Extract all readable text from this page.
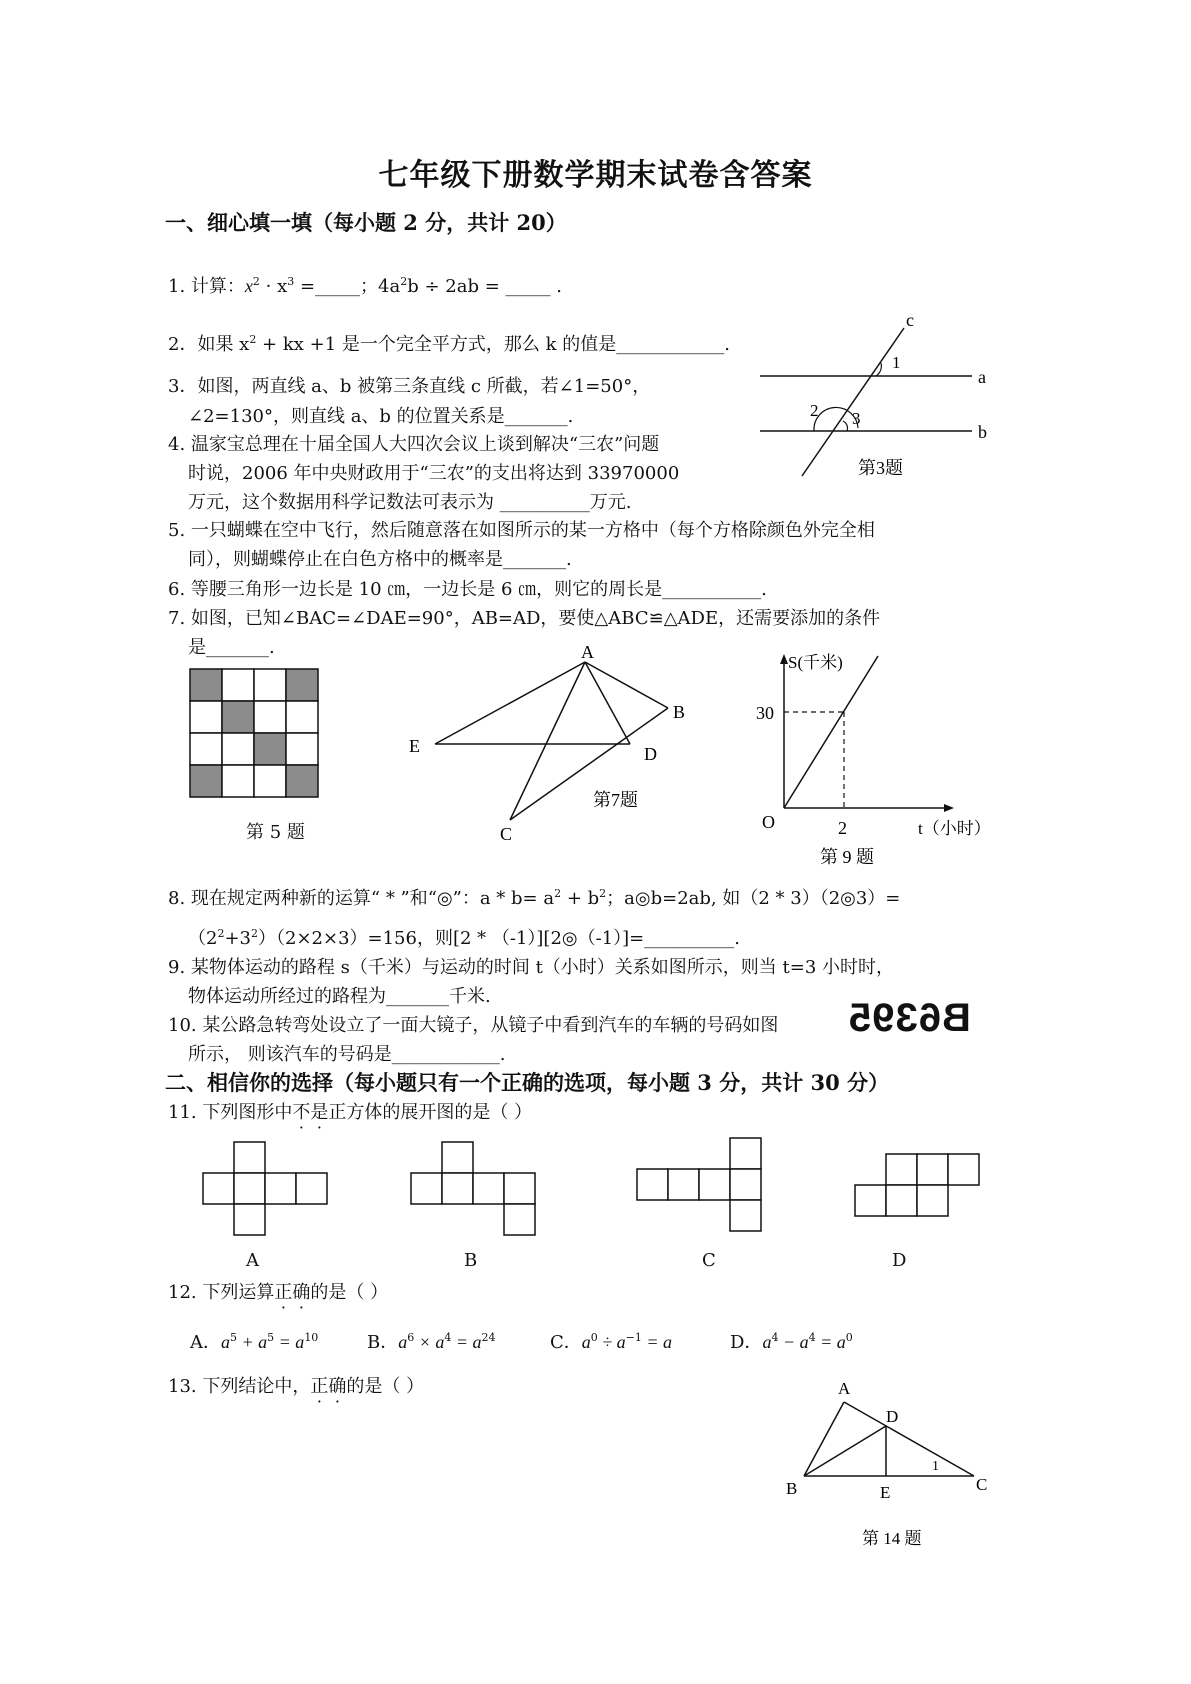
七年级下册数学期末试卷含答案
一、细心填一填（每小题 2 分，共计 20）
1. 计算：$x^2 \cdot x^3$ =_____；$4a^2b \div 2ab$ = _____ .
2．如果 $x^2$ + kx +1 是一个完全平方式，那么 k 的值是____________.
3．如图，两直线 a、b 被第三条直线 c 所截，若∠1=50°，
∠2=130°，则直线 a、b 的位置关系是_______.
4. 温家宝总理在十届全国人大四次会议上谈到解决“三农”问题
时说，2006 年中央财政用于“三农”的支出将达到 33970000
万元，这个数据用科学记数法可表示为 __________万元.
5. 一只蝴蝶在空中飞行，然后随意落在如图所示的某一方格中（每个方格除颜色外完全相
同），则蝴蝶停止在白色方格中的概率是_______.
6. 等腰三角形一边长是 10 ㎝，一边长是 6 ㎝，则它的周长是___________.
7. 如图，已知∠BAC=∠DAE=90°，AB=AD，要使△ABC≌△ADE，还需要添加的条件
是_______.
c
1
a
2 3
b
第3题
第 5 题
A
B
E	D
C
第7题
S(千米)
30
O	2	t（小时）
第 9 题
8. 现在规定两种新的运算“ * ”和“◎”：$a * b= a^2 + b^2$；a◎b=2ab, 如（2 * 3）（2◎3）=
$(2^2+3^2)(2\times 2\times 3)=156$，则[2 * （-1）][2◎（-1）]=__________.
9. 某物体运动的路程 s（千米）与运动的时间 t（小时）关系如图所示，则当 t=3 小时时，
物体运动所经过的路程为_______千米.
10. 某公路急转弯处设立了一面大镜子，从镜子中看到汽车的车辆的号码如图
所示， 则该汽车的号码是____________.
B6395
二、相信你的选择（每小题只有一个正确的选项，每小题 3 分，共计 30 分）
11. 下列图形中不是正方体的展开图的是（ ）
A	B	C	D
12. 下列运算正确的是（ ）
A．$a^5 + a^5 = a^{10}$	B．$a^6 \times a^4 = a^{24}$	C．$a^0 \div a^{-1} = a$	D．$a^4 - a^4 = a^0$
13. 下列结论中，正确的是（ ）	A
D
1
B	E	C
第 14 题
